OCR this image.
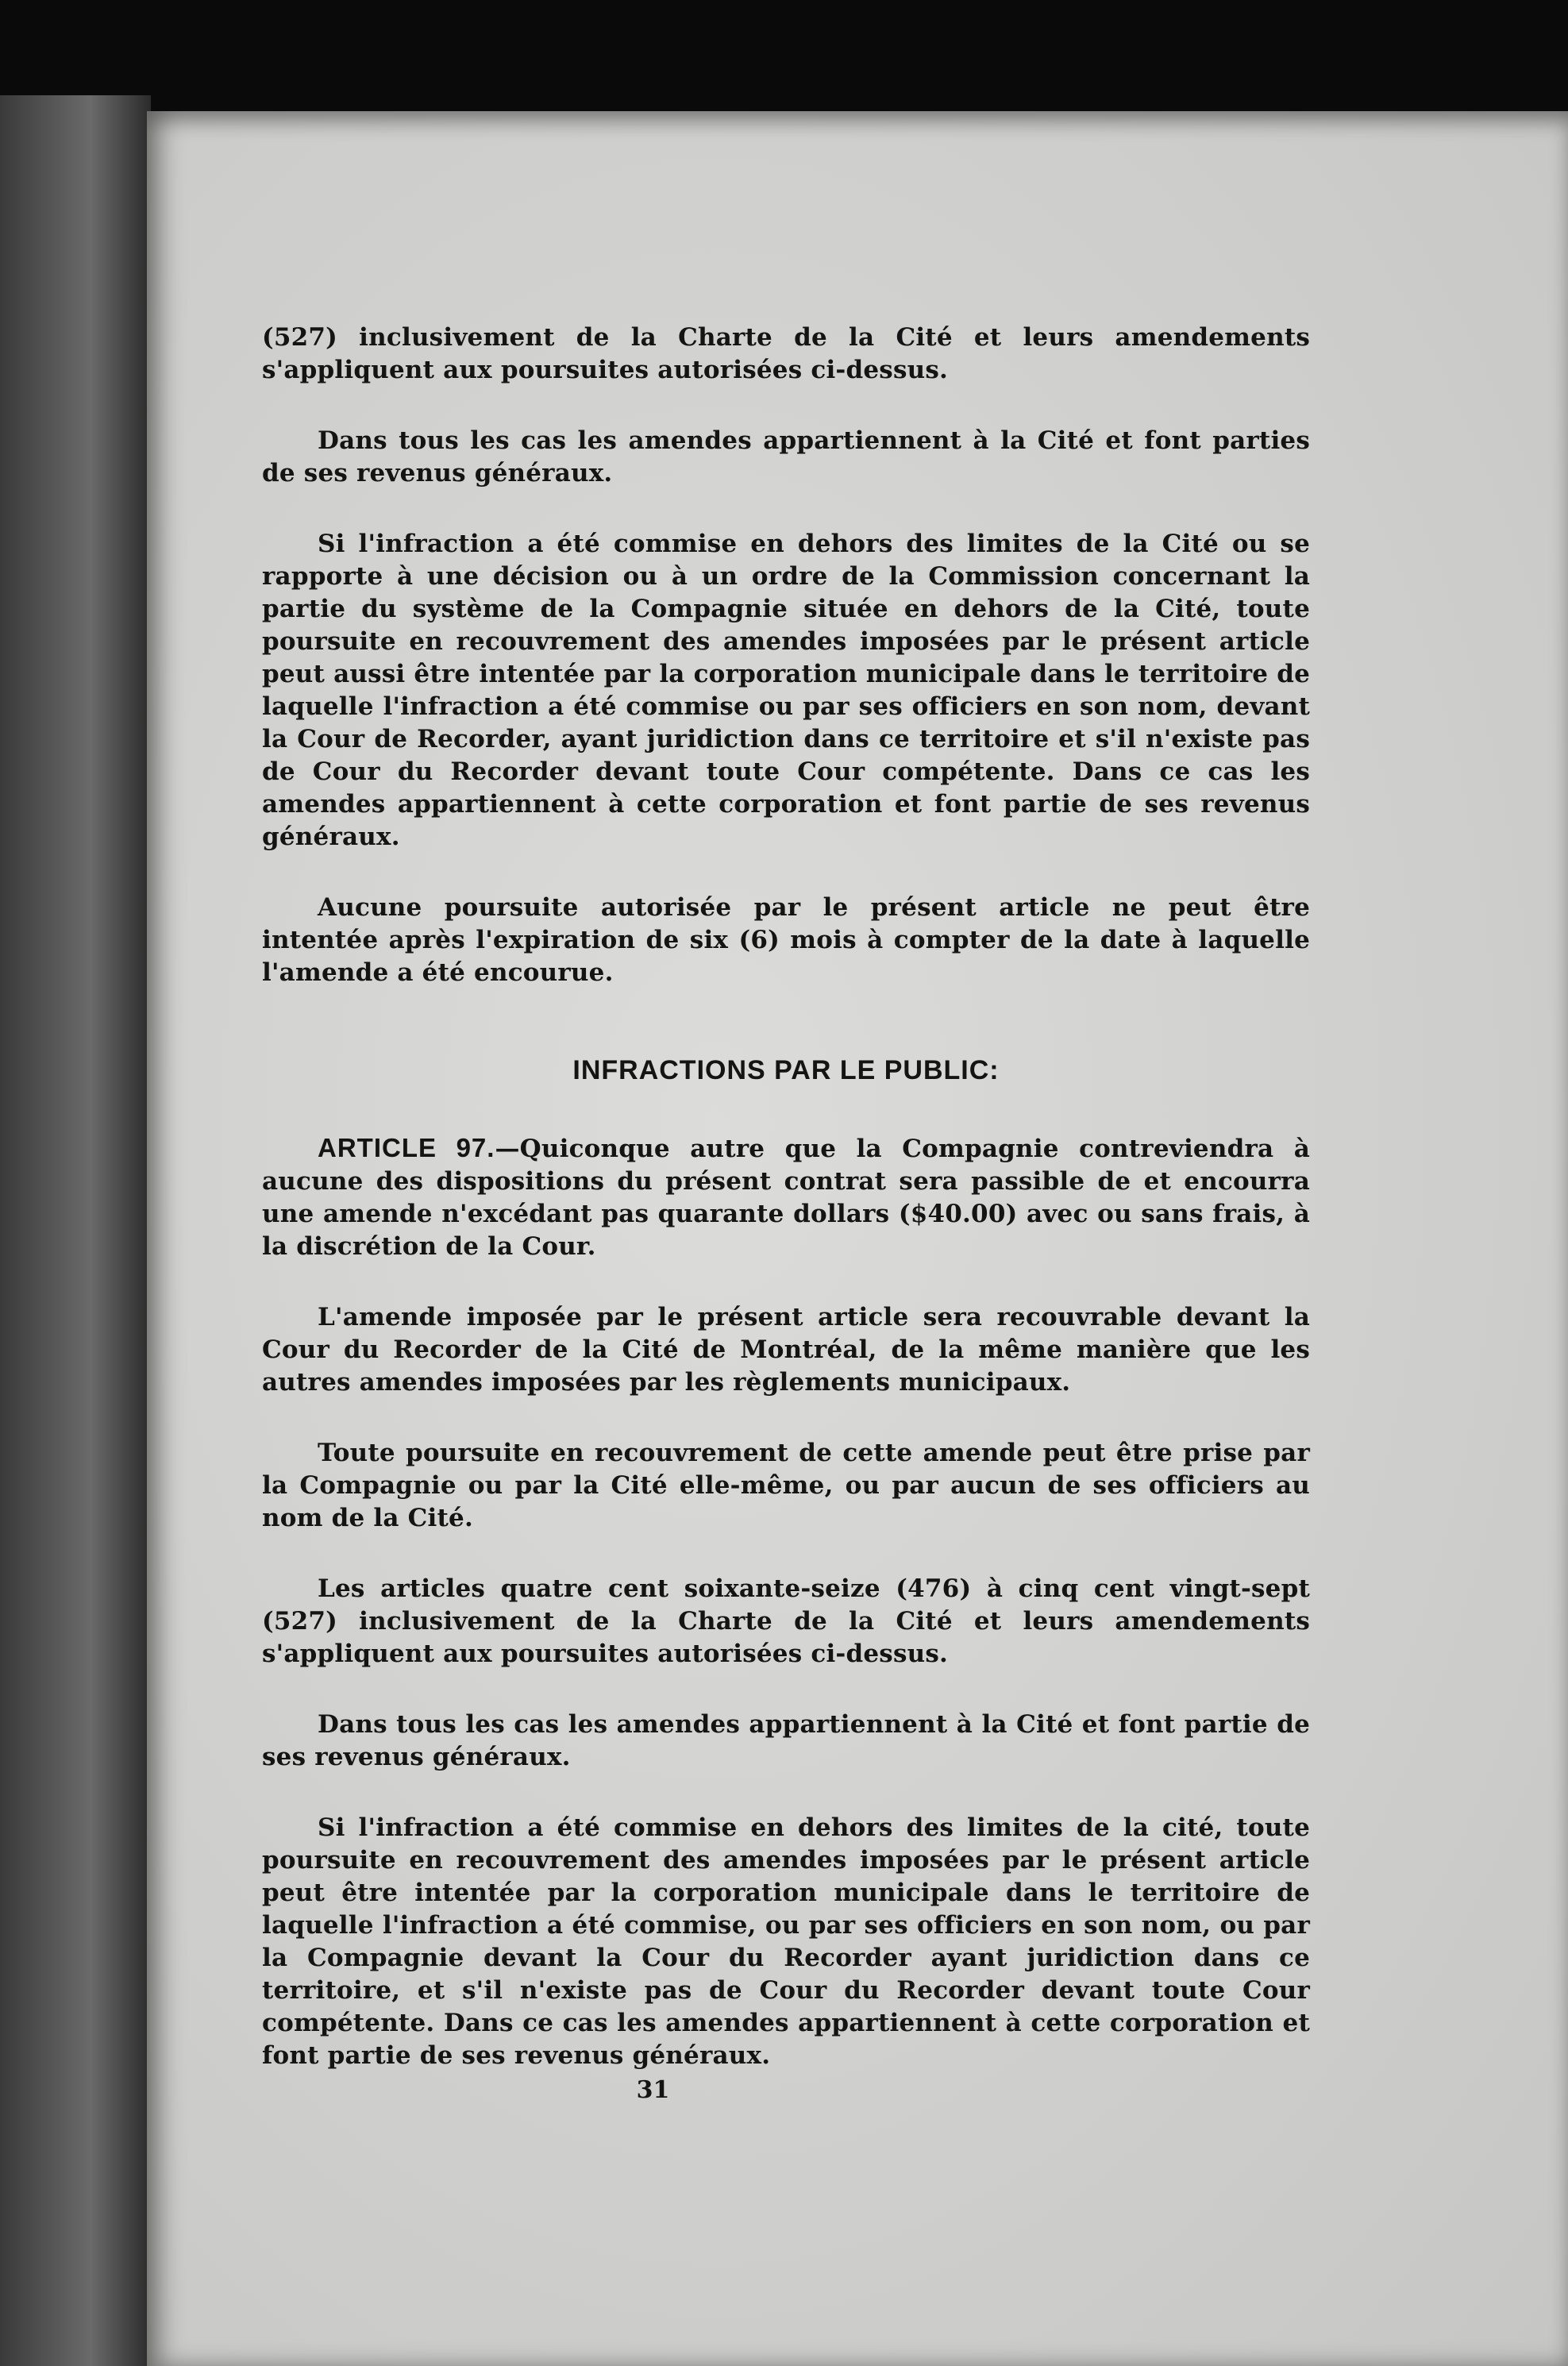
(527) inclusivement de la Charte de la Cité et leurs amendements s'appliquent aux poursuites autorisées ci-dessus.

Dans tous les cas les amendes appartiennent à la Cité et font parties de ses revenus généraux.

Si l'infraction a été commise en dehors des limites de la Cité ou se rapporte à une décision ou à un ordre de la Commission concernant la partie du système de la Compagnie située en dehors de la Cité, toute poursuite en recouvrement des amendes imposées par le présent article peut aussi être intentée par la corporation municipale dans le territoire de laquelle l'infraction a été commise ou par ses officiers en son nom, devant la Cour de Recorder, ayant juridiction dans ce territoire et s'il n'existe pas de Cour du Recorder devant toute Cour compétente. Dans ce cas les amendes appartiennent à cette corporation et font partie de ses revenus généraux.

Aucune poursuite autorisée par le présent article ne peut être intentée après l'expiration de six (6) mois à compter de la date à laquelle l'amende a été encourue.

INFRACTIONS PAR LE PUBLIC:

ARTICLE 97.—Quiconque autre que la Compagnie contreviendra à aucune des dispositions du présent contrat sera passible de et encourra une amende n'excédant pas quarante dollars ($40.00) avec ou sans frais, à la discrétion de la Cour.

L'amende imposée par le présent article sera recouvrable devant la Cour du Recorder de la Cité de Montréal, de la même manière que les autres amendes imposées par les règlements municipaux.

Toute poursuite en recouvrement de cette amende peut être prise par la Compagnie ou par la Cité elle-même, ou par aucun de ses officiers au nom de la Cité.

Les articles quatre cent soixante-seize (476) à cinq cent vingt-sept (527) inclusivement de la Charte de la Cité et leurs amendements s'appliquent aux poursuites autorisées ci-dessus.

Dans tous les cas les amendes appartiennent à la Cité et font partie de ses revenus généraux.

Si l'infraction a été commise en dehors des limites de la cité, toute poursuite en recouvrement des amendes imposées par le présent article peut être intentée par la corporation municipale dans le territoire de laquelle l'infraction a été commise, ou par ses officiers en son nom, ou par la Compagnie devant la Cour du Recorder ayant juridiction dans ce territoire, et s'il n'existe pas de Cour du Recorder devant toute Cour compétente. Dans ce cas les amendes appartiennent à cette corporation et font partie de ses revenus généraux.

31
